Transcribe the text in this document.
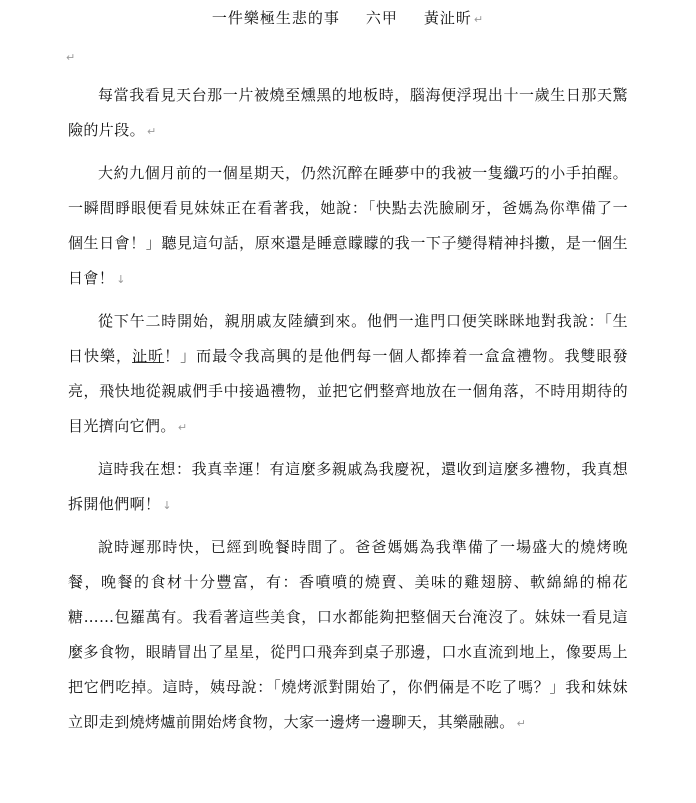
一件樂極生悲的事 六甲 黃沚昕 ↵
↵

每當我看見天台那一片被燒至燻黑的地板時，腦海便浮現出十一歲生日那天驚險的片段。 ↵

大約九個月前的一個星期天，仍然沉醉在睡夢中的我被一隻纖巧的小手拍醒。一瞬間睜眼便看見妹妹正在看著我，她說：「快點去洗臉刷牙，爸媽為你準備了一個生日會！」聽見這句話，原來還是睡意矇矇的我一下子變得精神抖擻，是一個生日會！ ↓

從下午二時開始，親朋戚友陸續到來。他們一進門口便笑眯眯地對我說：「生日快樂，沚昕！」而最令我高興的是他們每一個人都捧着一盒盒禮物。我雙眼發亮，飛快地從親戚們手中接過禮物，並把它們整齊地放在一個角落，不時用期待的目光擠向它們。 ↵

這時我在想：我真幸運！有這麼多親戚為我慶祝，還收到這麼多禮物，我真想拆開他們啊！ ↓

說時遲那時快，已經到晚餐時間了。爸爸媽媽為我準備了一場盛大的燒烤晚餐，晚餐的食材十分豐富，有：香噴噴的燒賣、美味的雞翅膀、軟綿綿的棉花糖……包羅萬有。我看著這些美食，口水都能夠把整個天台淹沒了。妹妹一看見這麼多食物，眼睛冒出了星星，從門口飛奔到桌子那邊，口水直流到地上，像要馬上把它們吃掉。這時，姨母說：「燒烤派對開始了，你們倆是不吃了嗎？」我和妹妹立即走到燒烤爐前開始烤食物，大家一邊烤一邊聊天，其樂融融。 ↵
